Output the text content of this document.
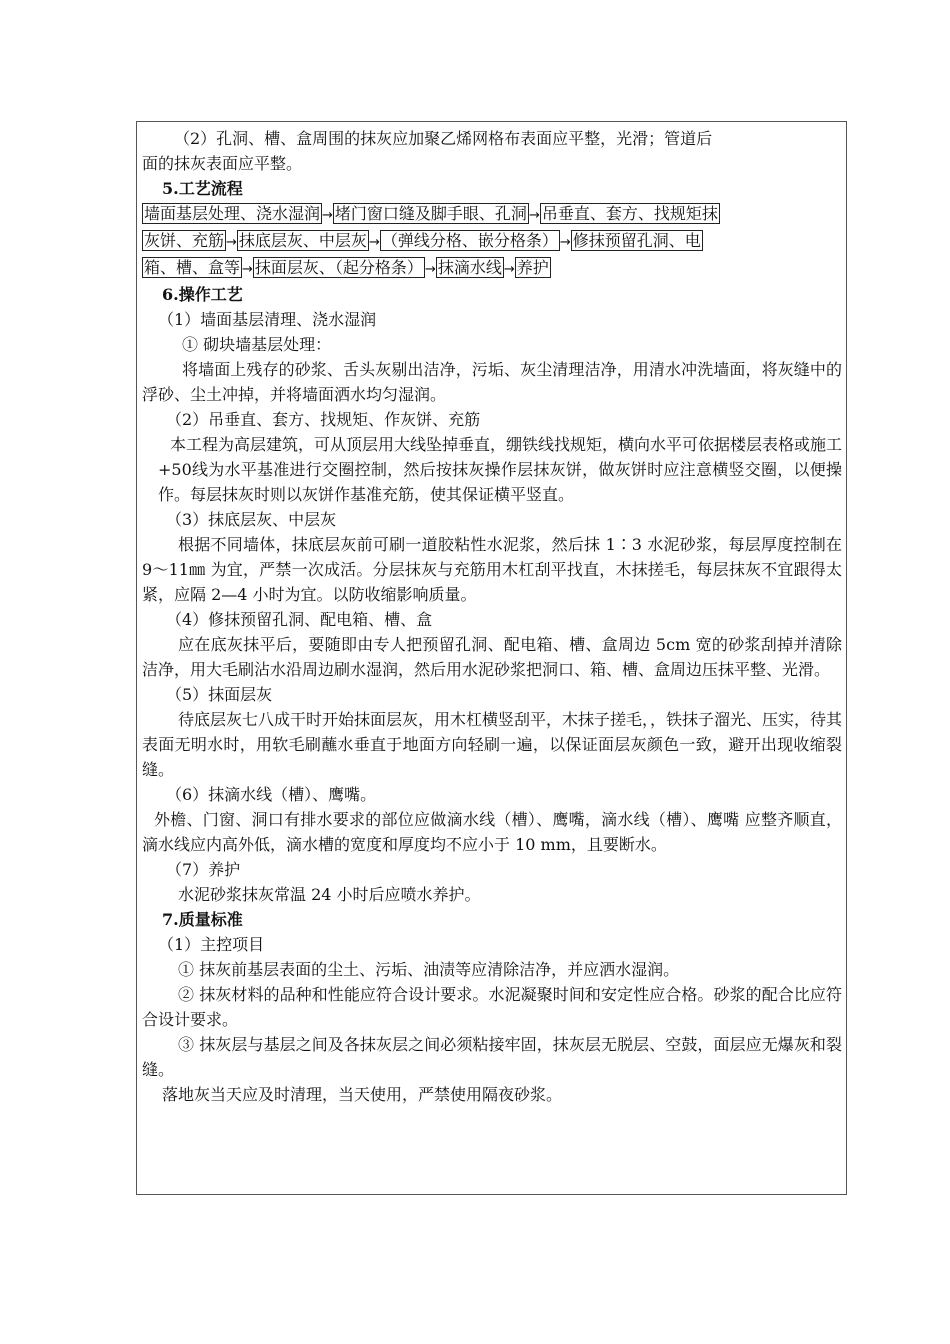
（2）孔洞、槽、盒周围的抹灰应加聚乙烯网格布表面应平整，光滑；管道后

面的抹灰表面应平整。

5.工艺流程

墙面基层处理、浇水湿润 → 堵门窗口缝及脚手眼、孔洞 → 吊垂直、套方、找规矩抹

灰饼、充筋 → 抹底层灰、中层灰 → （弹线分格、嵌分格条） → 修抹预留孔洞、电

箱、槽、盒等 → 抹面层灰、（起分格条） → 抹滴水线 → 养护

6.操作工艺

（1）墙面基层清理、浇水湿润

① 砌块墙基层处理：

将墙面上残存的砂浆、舌头灰剔出洁净，污垢、灰尘清理洁净，用清水冲洗墙面，将灰缝中的浮砂、尘土冲掉，并将墙面洒水均匀湿润。

（2）吊垂直、套方、找规矩、作灰饼、充筋

本工程为高层建筑，可从顶层用大线坠掉垂直，绷铁线找规矩，横向水平可依据楼层表格或施工+50线为水平基准进行交圈控制，然后按抹灰操作层抹灰饼，做灰饼时应注意横竖交圈，以便操作。每层抹灰时则以灰饼作基准充筋，使其保证横平竖直。

（3）抹底层灰、中层灰

根据不同墙体，抹底层灰前可刷一道胶粘性水泥浆，然后抹 1∶3 水泥砂浆，每层厚度控制在 9～11㎜ 为宜，严禁一次成活。分层抹灰与充筋用木杠刮平找直，木抹搓毛，每层抹灰不宜跟得太紧，应隔 2—4 小时为宜。以防收缩影响质量。

（4）修抹预留孔洞、配电箱、槽、盒

应在底灰抹平后，要随即由专人把预留孔洞、配电箱、槽、盒周边 5cm 宽的砂浆刮掉并清除洁净，用大毛刷沾水沿周边刷水湿润，然后用水泥砂浆把洞口、箱、槽、盒周边压抹平整、光滑。

（5）抹面层灰

待底层灰七八成干时开始抹面层灰，用木杠横竖刮平，木抹子搓毛，，铁抹子溜光、压实，待其表面无明水时，用软毛刷蘸水垂直于地面方向轻刷一遍，以保证面层灰颜色一致，避开出现收缩裂缝。

（6）抹滴水线（槽）、鹰嘴。

外檐、门窗、洞口有排水要求的部位应做滴水线（槽）、鹰嘴，滴水线（槽）、鹰嘴 应整齐顺直，滴水线应内高外低，滴水槽的宽度和厚度均不应小于 10 mm，且要断水。

（7）养护

水泥砂浆抹灰常温 24 小时后应喷水养护。

7.质量标准

（1）主控项目

① 抹灰前基层表面的尘土、污垢、油渍等应清除洁净，并应洒水湿润。

② 抹灰材料的品种和性能应符合设计要求。水泥凝聚时间和安定性应合格。砂浆的配合比应符合设计要求。

③ 抹灰层与基层之间及各抹灰层之间必须粘接牢固，抹灰层无脱层、空鼓，面层应无爆灰和裂缝。

落地灰当天应及时清理，当天使用，严禁使用隔夜砂浆。
